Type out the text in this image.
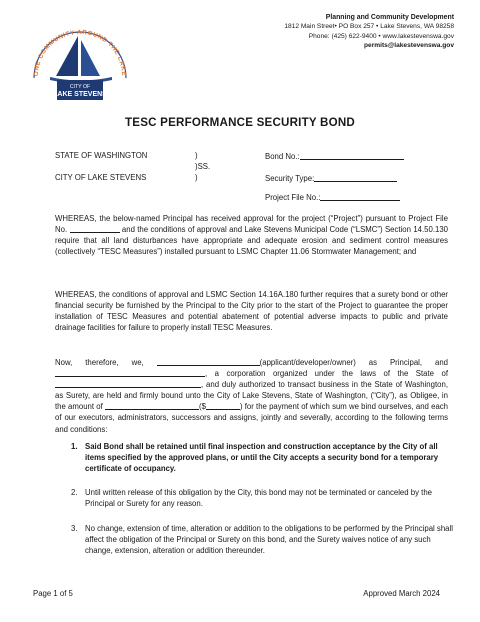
ONE COMMUNITY AROUND THE LAKE
CITY OF
LAKE STEVENS
Planning and Community Development
1812 Main Street• PO Box 257 • Lake Stevens, WA 98258
Phone: (425) 622-9400 • www.lakestevenswa.gov
permits@lakestevenswa.gov
TESC PERFORMANCE SECURITY BOND
STATE OF WASHINGTON	)	Bond No.:
)SS.
CITY OF LAKE STEVENS	)	Security Type:
Project File No.:
WHEREAS, the below-named Principal has received approval for the project (“Project”) pursuant to Project File No.	and the conditions of approval and Lake Stevens Municipal Code (“LSMC”) Section 14.50.130 require that all land disturbances have appropriate and adequate erosion and sediment control measures (collectively “TESC Measures”) installed pursuant to LSMC Chapter 11.06 Stormwater Management; and
WHEREAS, the conditions of approval and LSMC Section 14.16A.180 further requires that a surety bond or other financial security be furnished by the Principal to the City prior to the start of the Project to guarantee the proper installation of TESC Measures and potential abatement of potential adverse impacts to public and private drainage facilities for failure to properly install TESC Measures.
Now, therefore, we,	(applicant/developer/owner) as Principal, and , a corporation organized under the laws of the State of , and duly authorized to transact business in the State of Washington, as Surety, are held and firmly bound unto the City of Lake Stevens, State of Washington, (“City”), as Obligee, in the amount of	($	) for the payment of which sum we bind ourselves, and each of our executors, administrators, successors and assigns, jointly and severally, according to the following terms and conditions:
1. Said Bond shall be retained until final inspection and construction acceptance by the City of all items specified by the approved plans, or until the City accepts a security bond for a temporary certificate of occupancy.
2. Until written release of this obligation by the City, this bond may not be terminated or canceled by the Principal or Surety for any reason.
3. No change, extension of time, alteration or addition to the obligations to be performed by the Principal shall affect the obligation of the Principal or Surety on this bond, and the Surety waives notice of any such change, extension, alteration or addition thereunder.
Page 1 of 5	Approved March 2024
